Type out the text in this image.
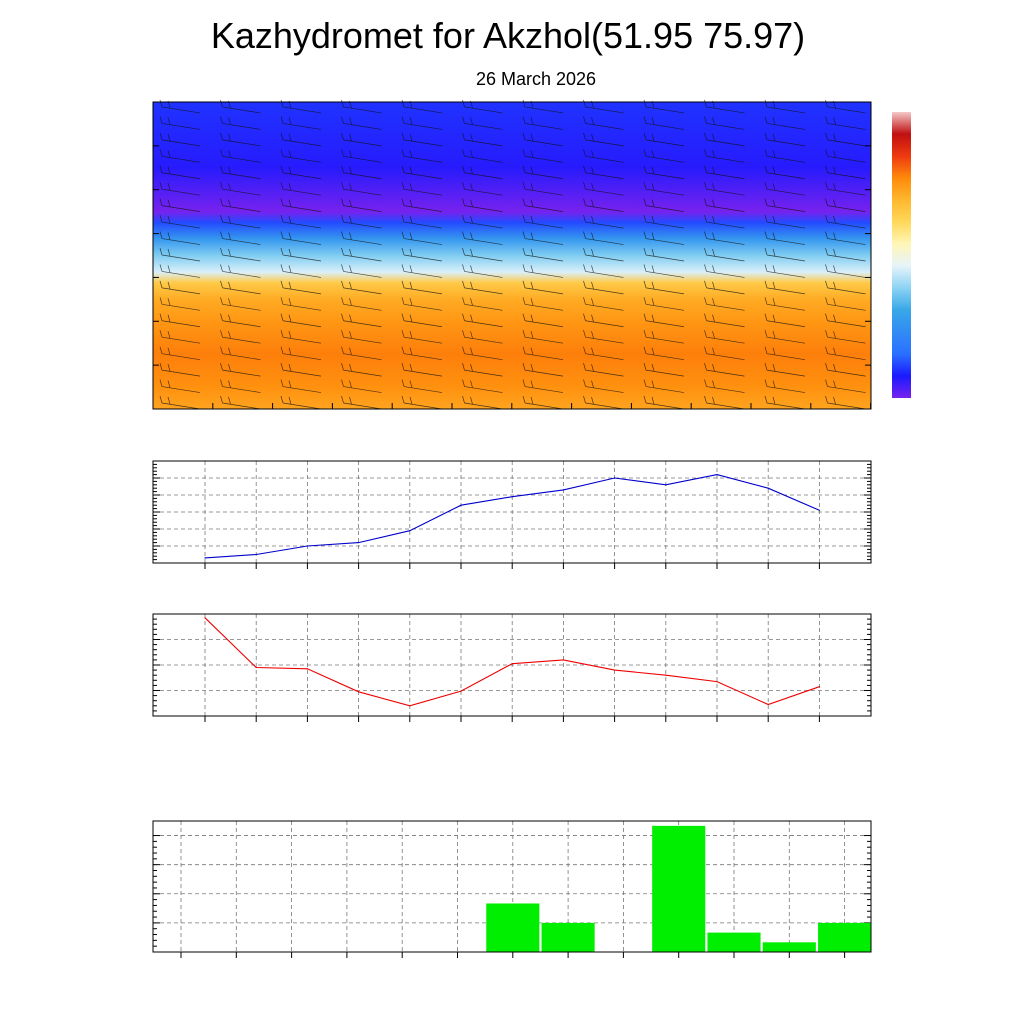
Kazhydromet for Akzhol(51.95 75.97)
26 March 2026
